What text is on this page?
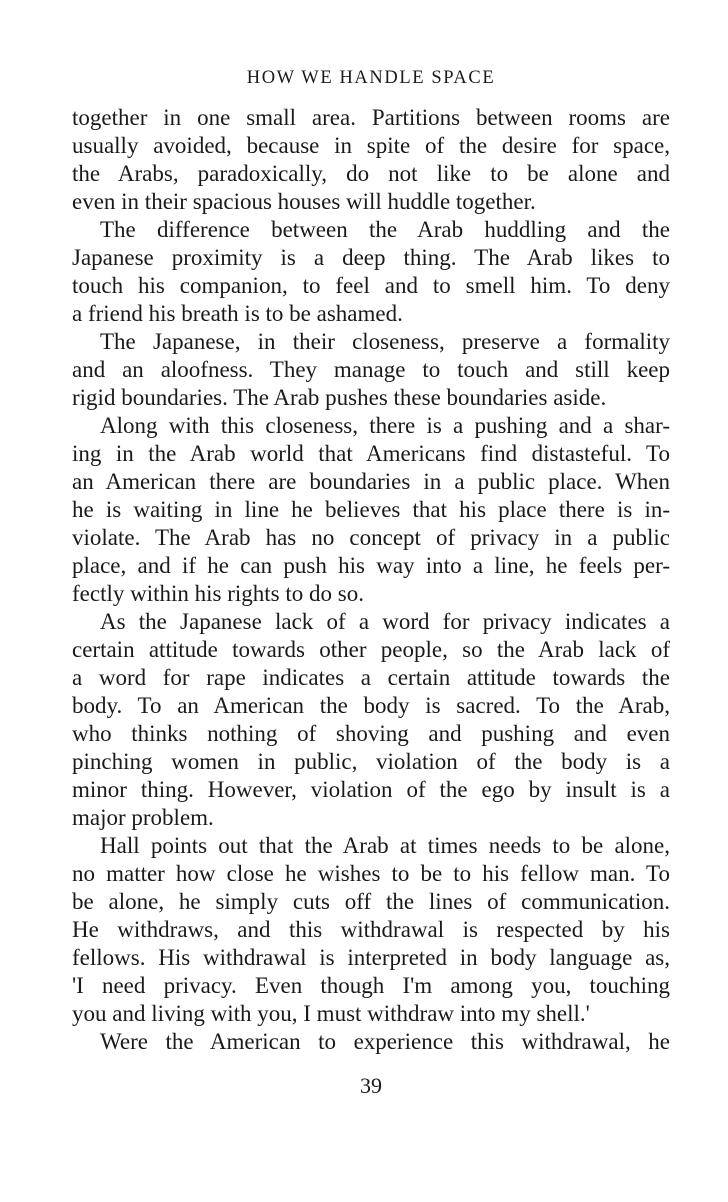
HOW WE HANDLE SPACE
together in one small area. Partitions between rooms are
usually avoided, because in spite of the desire for space,
the Arabs, paradoxically, do not like to be alone and
even in their spacious houses will huddle together.
The difference between the Arab huddling and the
Japanese proximity is a deep thing. The Arab likes to
touch his companion, to feel and to smell him. To deny
a friend his breath is to be ashamed.
The Japanese, in their closeness, preserve a formality
and an aloofness. They manage to touch and still keep
rigid boundaries. The Arab pushes these boundaries aside.
Along with this closeness, there is a pushing and a shar-
ing in the Arab world that Americans find distasteful. To
an American there are boundaries in a public place. When
he is waiting in line he believes that his place there is in-
violate. The Arab has no concept of privacy in a public
place, and if he can push his way into a line, he feels per-
fectly within his rights to do so.
As the Japanese lack of a word for privacy indicates a
certain attitude towards other people, so the Arab lack of
a word for rape indicates a certain attitude towards the
body. To an American the body is sacred. To the Arab,
who thinks nothing of shoving and pushing and even
pinching women in public, violation of the body is a
minor thing. However, violation of the ego by insult is a
major problem.
Hall points out that the Arab at times needs to be alone,
no matter how close he wishes to be to his fellow man. To
be alone, he simply cuts off the lines of communication.
He withdraws, and this withdrawal is respected by his
fellows. His withdrawal is interpreted in body language as,
'I need privacy. Even though I'm among you, touching
you and living with you, I must withdraw into my shell.'
Were the American to experience this withdrawal, he
39
